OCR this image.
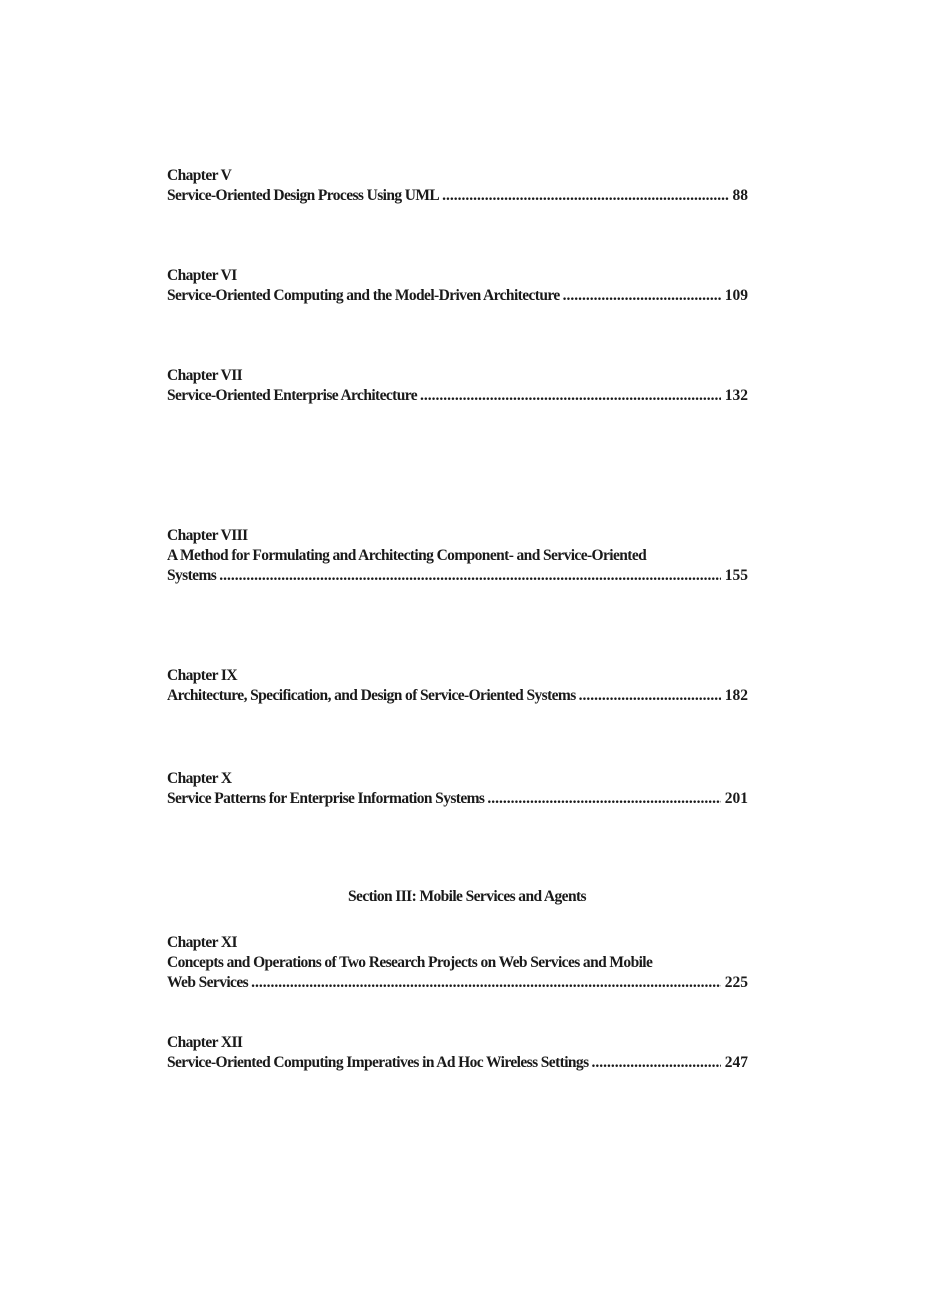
Chapter V
Service-Oriented Design Process Using UML .....	88
Chapter VI
Service-Oriented Computing and the Model-Driven Architecture .....	109
Chapter VII
Service-Oriented Enterprise Architecture .....	132
Chapter VIII
A Method for Formulating and Architecting Component- and Service-Oriented
Systems .....	155
Chapter IX
Architecture, Specification, and Design of Service-Oriented Systems .....	182
Chapter X
Service Patterns for Enterprise Information Systems .....	201
Section III: Mobile Services and Agents
Chapter XI
Concepts and Operations of Two Research Projects on Web Services and Mobile
Web Services .....	225
Chapter XII
Service-Oriented Computing Imperatives in Ad Hoc Wireless Settings .....	247
